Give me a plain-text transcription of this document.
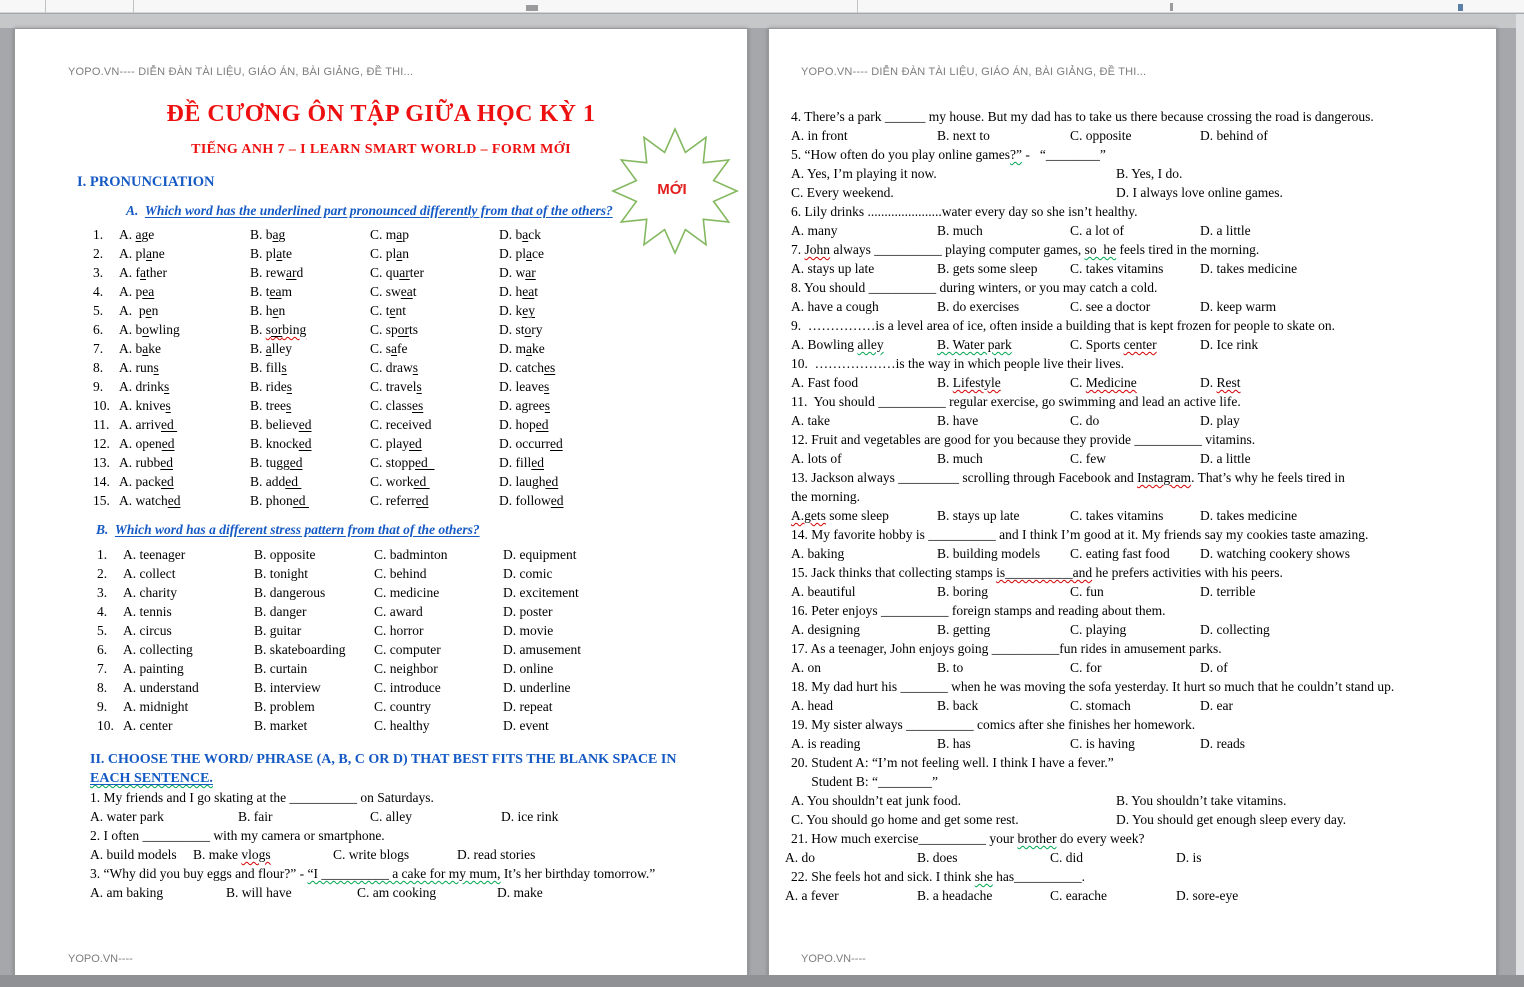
YOPO.VN---- DIỄN ĐÀN TÀI LIỆU, GIÁO ÁN, BÀI GIẢNG, ĐỀ THI...
MỚI
ĐỀ CƯƠNG ÔN TẬP GIỮA HỌC KỲ 1
TIẾNG ANH 7 – I LEARN SMART WORLD – FORM MỚI
I. PRONUNCIATION
A. Which word has the underlined part pronounced differently from that of the others?
1.	A. age	B. bag	C. map	D. back
2.	A. plane	B. plate	C. plan	D. place
3.	A. father	B. reward	C. quarter	D. war
4.	A. pea	B. team	C. sweat	D. heat
5.	A.  pen	B. hen	C. tent	D. key
6.	A. bowling	B. sorbing	C. sports	D. story
7.	A. bake	B. alley	C. safe	D. make
8.	A. runs	B. fills	C. draws	D. catches
9.	A. drinks	B. rides	C. travels	D. leaves
10. A. knives	B. trees	C. classes	D. agrees
11. A. arrived	B. believed	C. received	D. hoped
12. A. opened	B. knocked	C. played	D. occurred
13. A. rubbed	B. tugged	C. stopped	D. filled
14. A. packed	B. added	C. worked	D. laughed
15. A. watched	B. phoned	C. referred	D. followed
B. Which word has a different stress pattern from that of the others?
1.	A. teenager	B. opposite	C. badminton	D. equipment
2.	A. collect	B. tonight	C. behind	D. comic
3.	A. charity	B. dangerous	C. medicine	D. excitement
4.	A. tennis	B. danger	C. award	D. poster
5.	A. circus	B. guitar	C. horror	D. movie
6.	A. collecting	B. skateboarding	C. computer	D. amusement
7.	A. painting	B. curtain	C. neighbor	D. online
8.	A. understand	B. interview	C. introduce	D. underline
9.	A. midnight	B. problem	C. country	D. repeat
10. A. center	B. market	C. healthy	D. event
II. CHOOSE THE WORD/ PHRASE (A, B, C OR D) THAT BEST FITS THE BLANK SPACE IN
EACH SENTENCE.
1. My friends and I go skating at the __________ on Saturdays.
A. water park	B. fair	C. alley	D. ice rink
2. I often __________ with my camera or smartphone.
A. build models	B. make vlogs	C. write blogs	D. read stories
3. “Why did you buy eggs and flour?” - “I __________ a cake for my mum, It’s her birthday tomorrow.”
A. am baking	B. will have	C. am cooking	D. make
YOPO.VN----
YOPO.VN---- DIỄN ĐÀN TÀI LIỆU, GIÁO ÁN, BÀI GIẢNG, ĐỀ THI...
4. There’s a park ______ my house. But my dad has to take us there because crossing the road is dangerous.
A. in front	B. next to	C. opposite	D. behind of
5. “How often do you play online games?” -   “________”
A. Yes, I’m playing it now.	B. Yes, I do.
C. Every weekend.	D. I always love online games.
6. Lily drinks ......................water every day so she isn’t healthy.
A. many	B. much	C. a lot of	D. a little
7. John always __________ playing computer games, so  he feels tired in the morning.
A. stays up late	B. gets some sleep	C. takes vitamins	D. takes medicine
8. You should __________ during winters, or you may catch a cold.
A. have a cough	B. do exercises	C. see a doctor	D. keep warm
9.  ……………is a level area of ice, often inside a building that is kept frozen for people to skate on.
A. Bowling alley	B. Water park	C. Sports center	D. Ice rink
10.  ………………is the way in which people live their lives.
A. Fast food	B. Lifestyle	C. Medicine	D. Rest
11.  You should __________ regular exercise, go swimming and lead an active life.
A. take	B. have	C. do	D. play
12. Fruit and vegetables are good for you because they provide __________ vitamins.
A. lots of	B. much	C. few	D. a little
13. Jackson always _________ scrolling through Facebook and Instagram. That’s why he feels tired in
the morning.
A.gets some sleep	B. stays up late	C. takes vitamins	D. takes medicine
14. My favorite hobby is __________ and I think I’m good at it. My friends say my cookies taste amazing.
A. baking	B. building models	C. eating fast food	D. watching cookery shows
15. Jack thinks that collecting stamps is__________and he prefers activities with his peers.
A. beautiful	B. boring	C. fun	D. terrible
16. Peter enjoys __________ foreign stamps and reading about them.
A. designing	B. getting	C. playing	D. collecting
17. As a teenager, John enjoys going __________fun rides in amusement parks.
A. on	B. to	C. for	D. of
18. My dad hurt his _______ when he was moving the sofa yesterday. It hurt so much that he couldn’t stand up.
A. head	B. back	C. stomach	D. ear
19. My sister always __________ comics after she finishes her homework.
A. is reading	B. has	C. is having	D. reads
20. Student A: “I’m not feeling well. I think I have a fever.”
Student B: “________”
A. You shouldn’t eat junk food.	B. You shouldn’t take vitamins.
C. You should go home and get some rest.	D. You should get enough sleep every day.
21. How much exercise__________ your brother do every week?
A. do	B. does	C. did	D. is
22. She feels hot and sick. I think she has__________.
A. a fever	B. a headache	C. earache	D. sore-eye
YOPO.VN----
